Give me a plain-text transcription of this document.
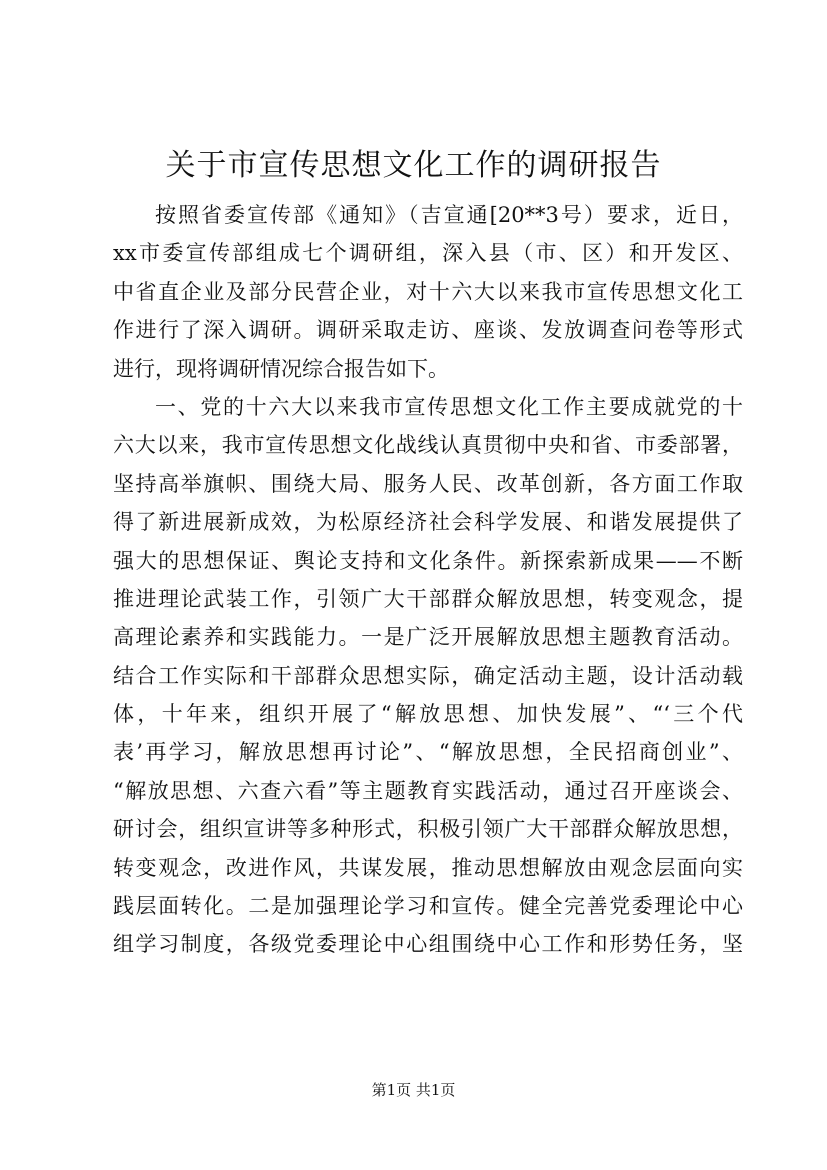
关于市宣传思想文化工作的调研报告
按照省委宣传部《通知》（吉宣通[20**3号）要求，近日，
xx市委宣传部组成七个调研组，深入县（市、区）和开发区、
中省直企业及部分民营企业，对十六大以来我市宣传思想文化工
作进行了深入调研。调研采取走访、座谈、发放调查问卷等形式
进行，现将调研情况综合报告如下。
一、党的十六大以来我市宣传思想文化工作主要成就党的十
六大以来，我市宣传思想文化战线认真贯彻中央和省、市委部署，
坚持高举旗帜、围绕大局、服务人民、改革创新，各方面工作取
得了新进展新成效，为松原经济社会科学发展、和谐发展提供了
强大的思想保证、舆论支持和文化条件。新探索新成果——不断
推进理论武装工作，引领广大干部群众解放思想，转变观念，提
高理论素养和实践能力。一是广泛开展解放思想主题教育活动。
结合工作实际和干部群众思想实际，确定活动主题，设计活动载
体，十年来，组织开展了“解放思想、加快发展”、“‘三个代
表’再学习，解放思想再讨论”、“解放思想，全民招商创业”、
“解放思想、六查六看”等主题教育实践活动，通过召开座谈会、
研讨会，组织宣讲等多种形式，积极引领广大干部群众解放思想，
转变观念，改进作风，共谋发展，推动思想解放由观念层面向实
践层面转化。二是加强理论学习和宣传。健全完善党委理论中心
组学习制度，各级党委理论中心组围绕中心工作和形势任务，坚
第1页 共1页
